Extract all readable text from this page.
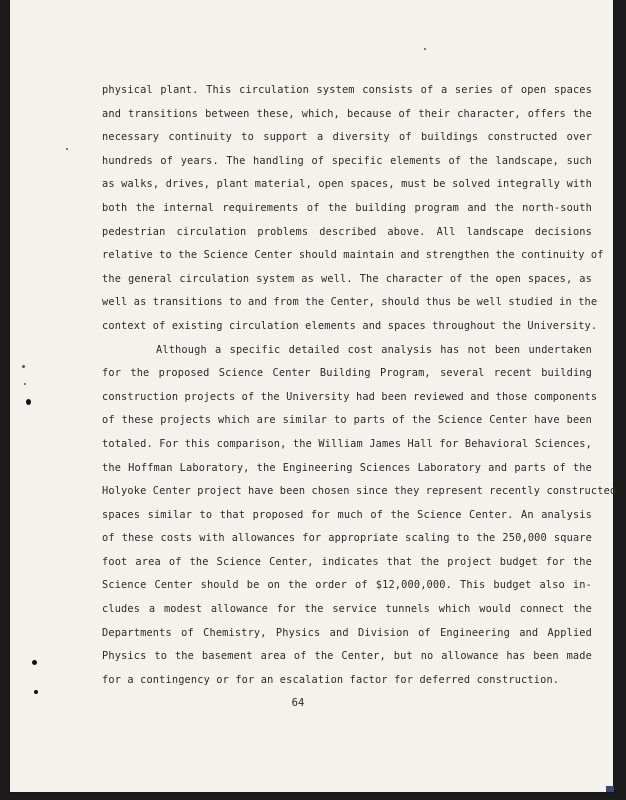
physical plant. This circulation system consists of a series of open spaces
and transitions between these, which, because of their character, offers the
necessary continuity to support a diversity of buildings constructed over
hundreds of years. The handling of specific elements of the landscape, such
as walks, drives, plant material, open spaces, must be solved integrally with
both the internal requirements of the building program and the north-south
pedestrian circulation problems described above. All landscape decisions
relative to the Science Center should maintain and strengthen the continuity of
the general circulation system as well. The character of the open spaces, as
well as transitions to and from the Center, should thus be well studied in the
context of existing circulation elements and spaces throughout the University.
Although a specific detailed cost analysis has not been undertaken
for the proposed Science Center Building Program, several recent building
construction projects of the University had been reviewed and those components
of these projects which are similar to parts of the Science Center have been
totaled. For this comparison, the William James Hall for Behavioral Sciences,
the Hoffman Laboratory, the Engineering Sciences Laboratory and parts of the
Holyoke Center project have been chosen since they represent recently constructed
spaces similar to that proposed for much of the Science Center. An analysis
of these costs with allowances for appropriate scaling to the 250,000 square
foot area of the Science Center, indicates that the project budget for the
Science Center should be on the order of $12,000,000. This budget also in-
cludes a modest allowance for the service tunnels which would connect the
Departments of Chemistry, Physics and Division of Engineering and Applied
Physics to the basement area of the Center, but no allowance has been made
for a contingency or for an escalation factor for deferred construction.
64
